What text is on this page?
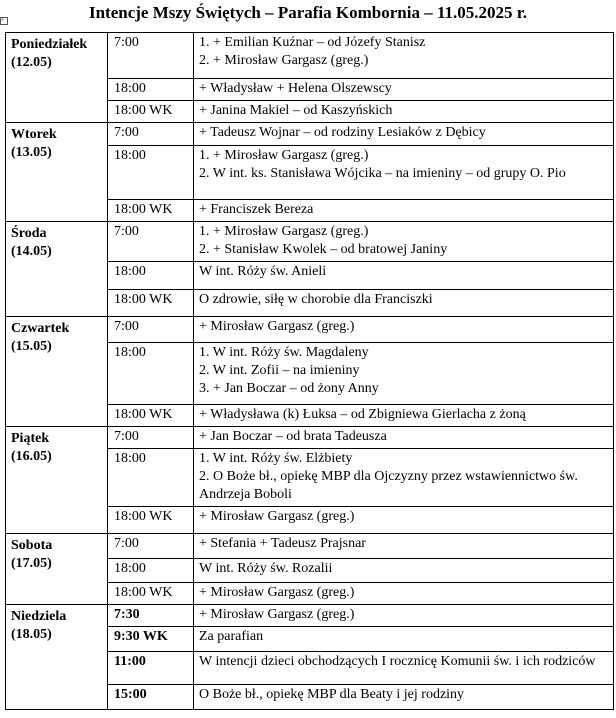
Intencje Mszy Świętych – Parafia Kombornia – 11.05.2025 r.
+
Poniedziałek
(12.05)	7:00	1. + Emilian Kuźnar – od Józefy Stanisz
2. + Mirosław Gargasz (greg.)

	18:00	+ Władysław + Helena Olszewscy

	18:00 WK	+ Janina Makiel – od Kaszyńskich

Wtorek
(13.05)	7:00	+ Tadeusz Wojnar – od rodziny Lesiaków z Dębicy

	18:00	1. + Mirosław Gargasz (greg.)
2. W int. ks. Stanisława Wójcika – na imieniny – od grupy O. Pio

	18:00 WK	+ Franciszek Bereza

Środa
(14.05)	7:00	1. + Mirosław Gargasz (greg.)
2. + Stanisław Kwolek – od bratowej Janiny

	18:00	W int. Róży św. Anieli

	18:00 WK	O zdrowie, siłę w chorobie dla Franciszki

Czwartek
(15.05)	7:00	+ Mirosław Gargasz (greg.)

	18:00	1. W int. Róży św. Magdaleny
2. W int. Zofii – na imieniny
3. + Jan Boczar – od żony Anny

	18:00 WK	+ Władysława (k) Łuksa – od Zbigniewa Gierlacha z żoną

Piątek
(16.05)	7:00	+ Jan Boczar – od brata Tadeusza

	18:00	1. W int. Róży św. Elżbiety
2. O Boże bł., opiekę MBP dla Ojczyzny przez wstawiennictwo św. Andrzeja Boboli

	18:00 WK	+ Mirosław Gargasz (greg.)

Sobota
(17.05)	7:00	+ Stefania + Tadeusz Prajsnar

	18:00	W int. Róży św. Rozalii

	18:00 WK	+ Mirosław Gargasz (greg.)

Niedziela
(18.05)	7:30	+ Mirosław Gargasz (greg.)

	9:30 WK	Za parafian

	11:00	W intencji dzieci obchodzących I rocznicę Komunii św. i ich rodziców

	15:00	O Boże bł., opiekę MBP dla Beaty i jej rodziny
